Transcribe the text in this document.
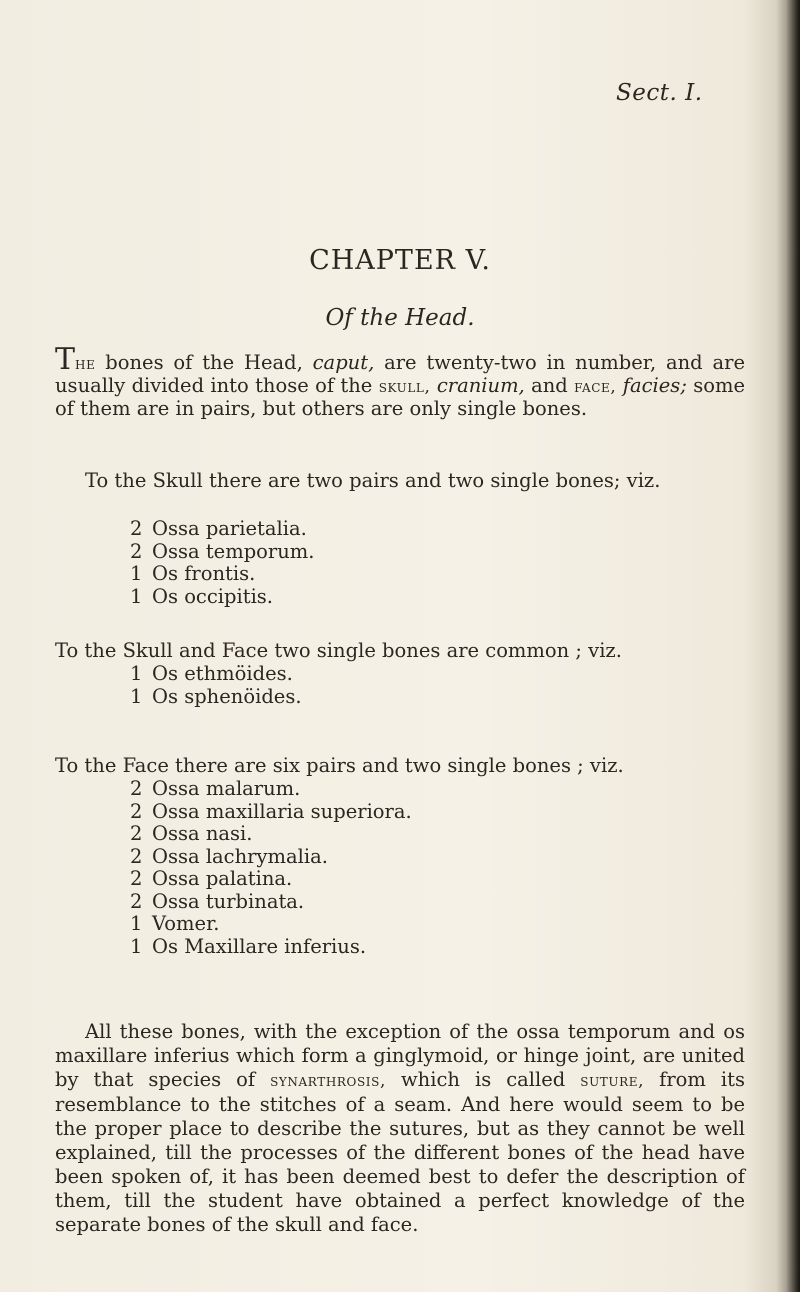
Sect. I.
CHAPTER V.
Of the Head.
The bones of the Head, caput, are twenty-two in number, and are usually divided into those of the skull, cranium, and face, facies; some of them are in pairs, but others are only single bones.
To the Skull there are two pairs and two single bones; viz.
2 Ossa parietalia.
2 Ossa temporum.
1 Os frontis.
1 Os occipitis.
To the Skull and Face two single bones are common ; viz.
1 Os ethmöides.
1 Os sphenöides.
To the Face there are six pairs and two single bones ; viz.
2 Ossa malarum.
2 Ossa maxillaria superiora.
2 Ossa nasi.
2 Ossa lachrymalia.
2 Ossa palatina.
2 Ossa turbinata.
1 Vomer.
1 Os Maxillare inferius.
All these bones, with the exception of the ossa temporum and os maxillare inferius which form a ginglymoid, or hinge joint, are united by that species of synarthrosis, which is called suture, from its resemblance to the stitches of a seam. And here would seem to be the proper place to describe the sutures, but as they cannot be well explained, till the processes of the different bones of the head have been spoken of, it has been deemed best to defer the description of them, till the student have obtained a perfect knowledge of the separate bones of the skull and face.
